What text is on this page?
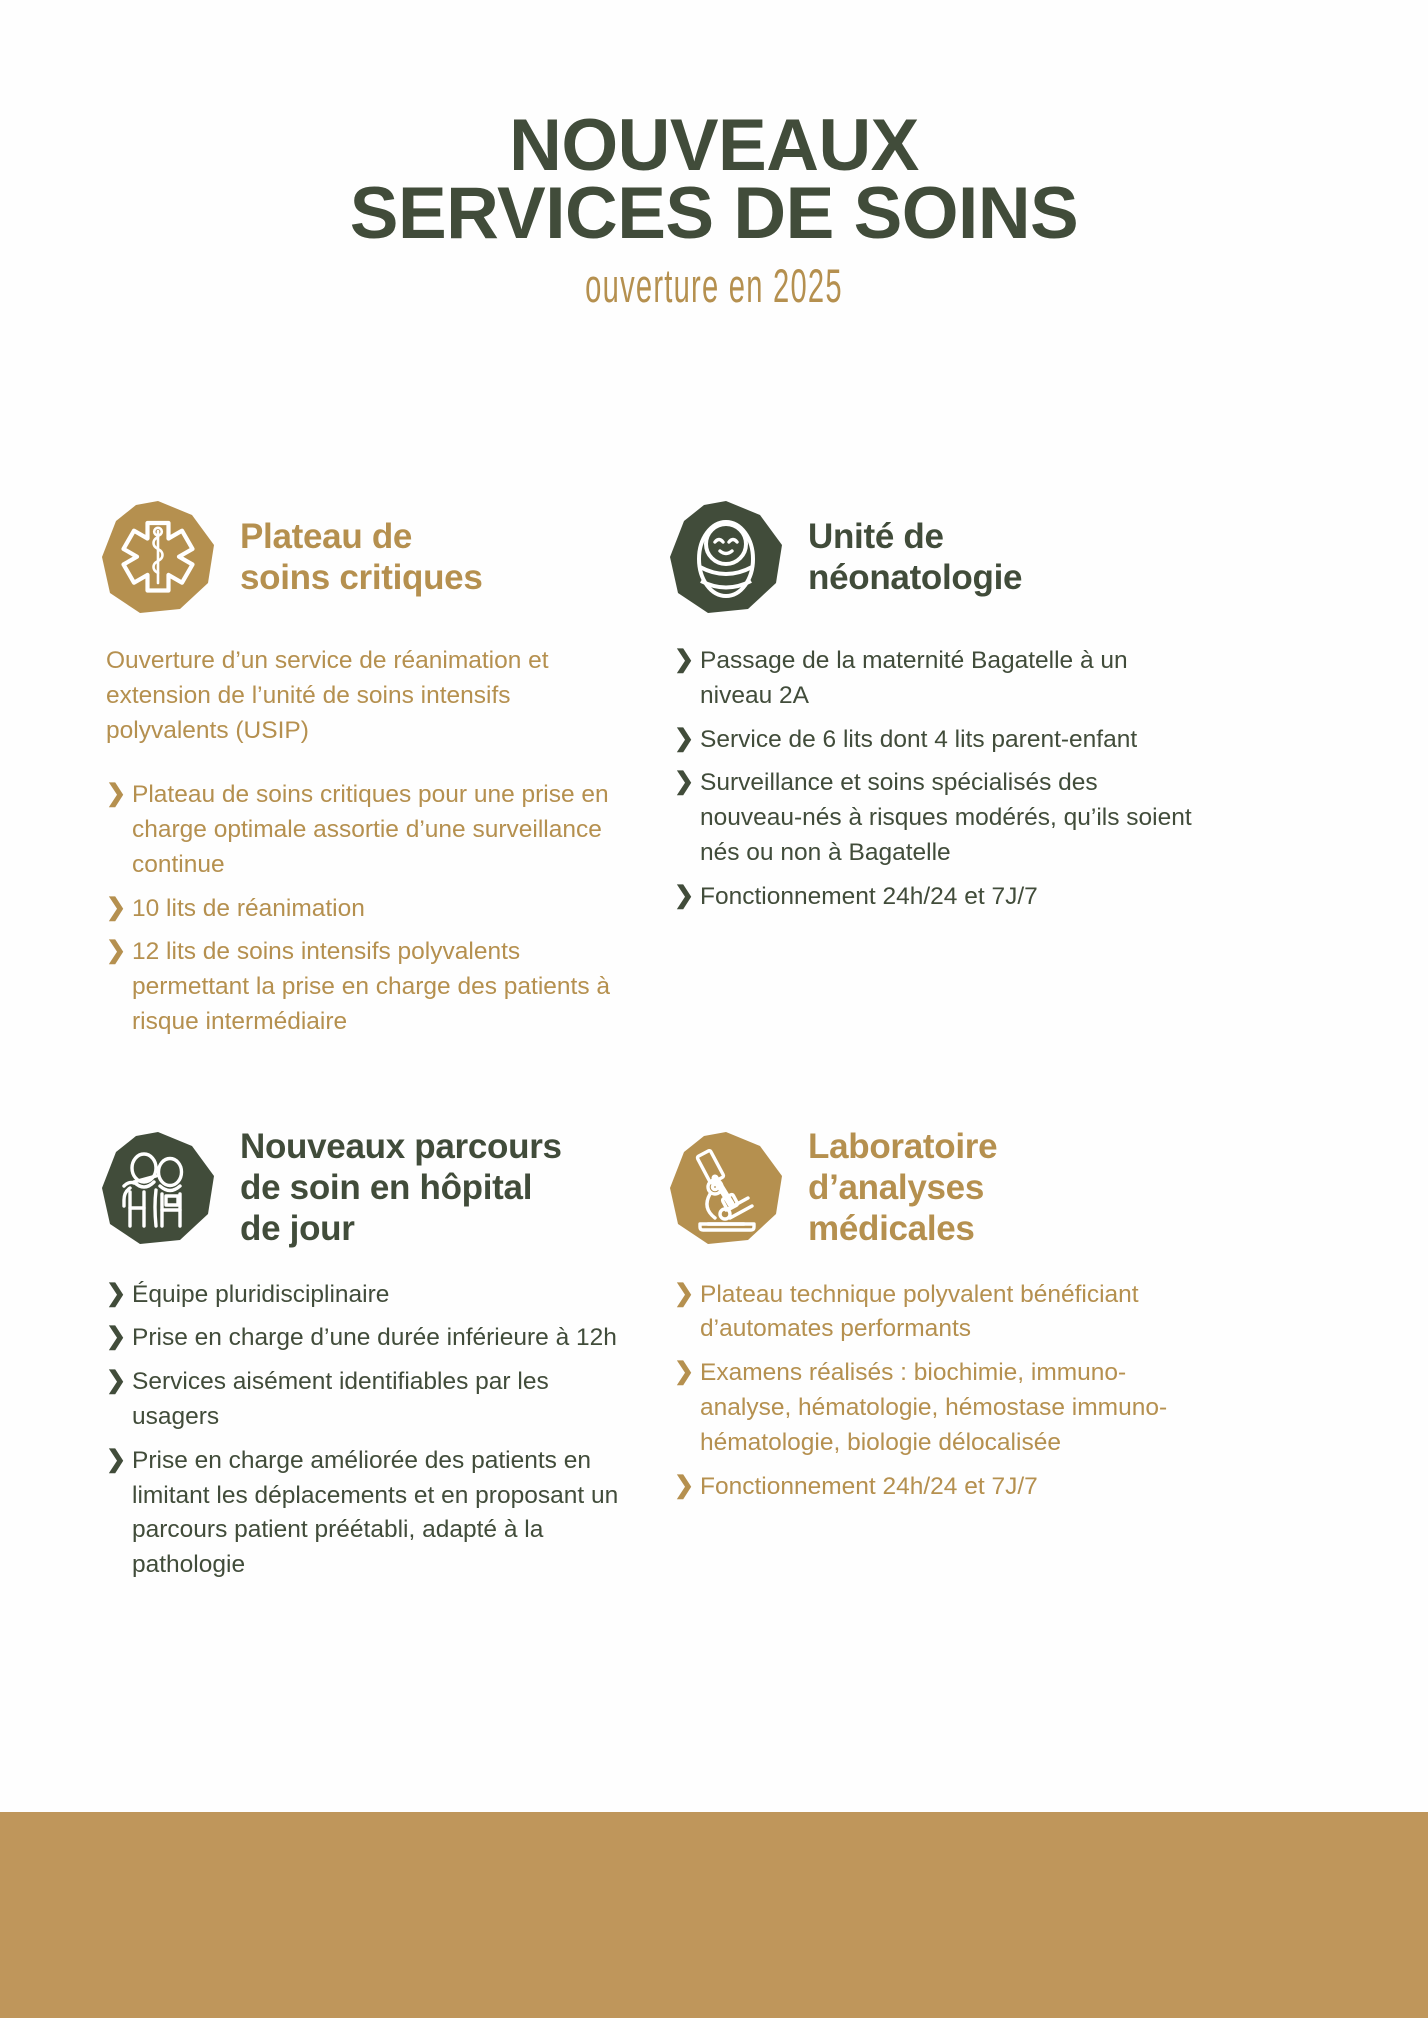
NOUVEAUX
SERVICES DE SOINS
ouverture en 2025
Plateau de
soins critiques

Ouverture d’un service de réanimation et extension de l’unité de soins intensifs polyvalents (USIP)

❯ Plateau de soins critiques pour une prise en charge optimale assortie d’une surveillance continue
❯ 10 lits de réanimation
❯ 12 lits de soins intensifs polyvalents permettant la prise en charge des patients à risque intermédiaire
Unité de
néonatologie
❯ Passage de la maternité Bagatelle à un niveau 2A
❯ Service de 6 lits dont 4 lits parent-enfant
❯ Surveillance et soins spécialisés des nouveau-nés à risques modérés, qu’ils soient nés ou non à Bagatelle
❯ Fonctionnement 24h/24 et 7J/7
Nouveaux parcours
de soin en hôpital
de jour
❯ Équipe pluridisciplinaire
❯ Prise en charge d’une durée inférieure à 12h
❯ Services aisément identifiables par les usagers
❯ Prise en charge améliorée des patients en limitant les déplacements et en proposant un parcours patient préétabli, adapté à la pathologie
Laboratoire
d’analyses
médicales
❯ Plateau technique polyvalent bénéficiant d’automates performants
❯ Examens réalisés : biochimie, immuno-analyse, hématologie, hémostase immuno-hématologie, biologie délocalisée
❯ Fonctionnement 24h/24 et 7J/7
